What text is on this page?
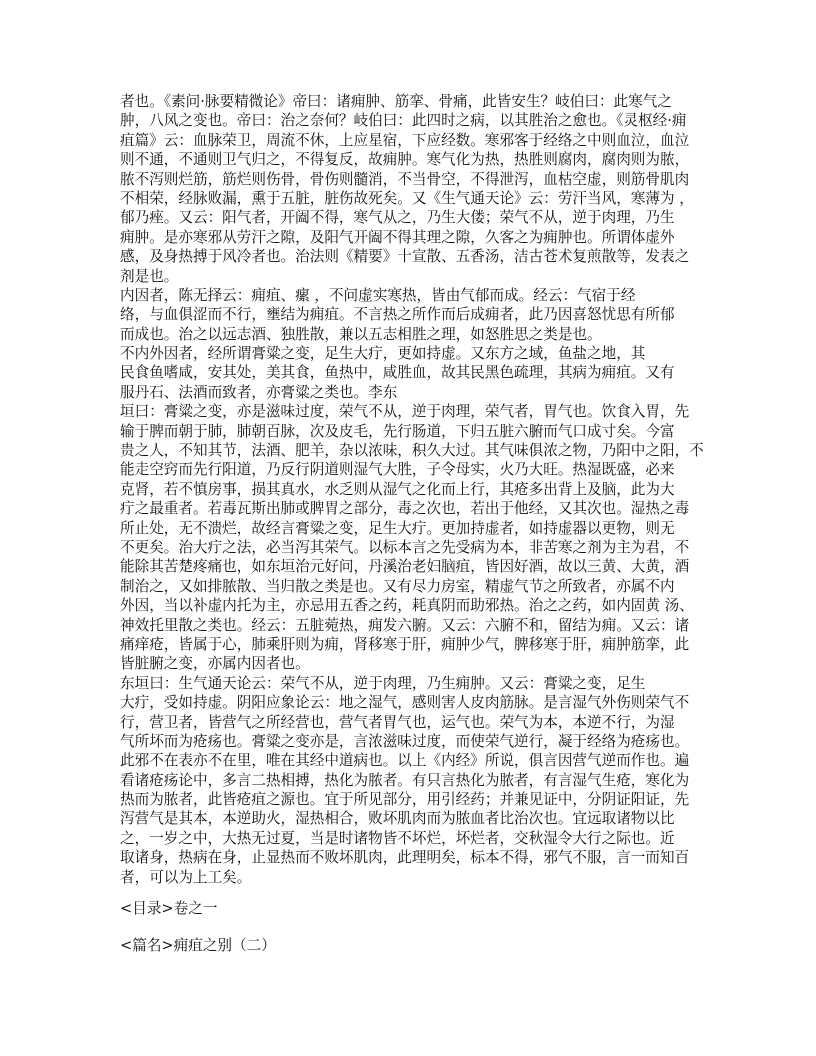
者也。《素问·脉要精微论》帝曰：诸痈肿、筋挛、骨痛，此皆安生？岐伯曰：此寒气之
肿，八风之变也。帝曰：治之奈何？岐伯曰：此四时之病，以其胜治之愈也。《灵枢经·痈
疽篇》云：血脉荣卫，周流不休，上应星宿，下应经数。寒邪客于经络之中则血泣，血泣
则不通，不通则卫气归之，不得复反，故痈肿。寒气化为热，热胜则腐肉，腐肉则为脓，
脓不泻则烂筋，筋烂则伤骨，骨伤则髓消，不当骨空，不得泄泻，血枯空虚，则筋骨肌肉
不相荣，经脉败漏，熏于五脏，脏伤故死矣。又《生气通天论》云：劳汗当风，寒薄为 ，
郁乃痤。又云：阳气者，开阖不得，寒气从之，乃生大偻；荣气不从，逆于肉理，乃生
痈肿。是亦寒邪从劳汗之隙，及阳气开阖不得其理之隙，久客之为痈肿也。所谓体虚外
感，及身热搏于风冷者也。治法则《精要》十宣散、五香汤，洁古苍术复煎散等，发表之
剂是也。
内因者，陈无择云：痈疽、瘰 ，不问虚实寒热，皆由气郁而成。经云：气宿于经
络，与血俱涩而不行，壅结为痈疽。不言热之所作而后成痈者，此乃因喜怒忧思有所郁
而成也。治之以远志酒、独胜散，兼以五志相胜之理，如怒胜思之类是也。
不内外因者，经所谓膏粱之变，足生大疔，更如持虚。又东方之域，鱼盐之地，其
民食鱼嗜咸，安其处，美其食，鱼热中，咸胜血，故其民黑色疏理，其病为痈疽。又有
服丹石、法酒而致者，亦膏粱之类也。李东
垣曰：膏粱之变，亦是滋味过度，荣气不从，逆于肉理，荣气者，胃气也。饮食入胃，先
输于脾而朝于肺，肺朝百脉，次及皮毛，先行肠道，下归五脏六腑而气口成寸矣。今富
贵之人，不知其节，法酒、肥羊，杂以浓味，积久大过。其气味俱浓之物，乃阳中之阳，不
能走空窍而先行阳道，乃反行阴道则湿气大胜，子令母实，火乃大旺。热湿既盛，必来
克肾，若不慎房事，损其真水，水乏则从湿气之化而上行，其疮多出背上及脑，此为大
疔之最重者。若毒瓦斯出肺或脾胃之部分，毒之次也，若出于他经，又其次也。湿热之毒
所止处，无不溃烂，故经言膏粱之变，足生大疔。更加持虚者，如持虚器以更物，则无
不更矣。治大疔之法，必当泻其荣气。以标本言之先受病为本，非苦寒之剂为主为君，不
能除其苦楚疼痛也，如东垣治元好问，丹溪治老妇脑疽，皆因好酒，故以三黄、大黄，酒
制治之，又如排脓散、当归散之类是也。又有尽力房室，精虚气节之所致者，亦属不内
外因，当以补虚内托为主，亦忌用五香之药，耗真阴而助邪热。治之之药，如内固黄 汤、
神效托里散之类也。经云：五脏菀热，痈发六腑。又云：六腑不和，留结为痈。又云：诸
痛痒疮，皆属于心，肺乘肝则为痈，肾移寒于肝，痈肿少气，脾移寒于肝，痈肿筋挛，此
皆脏腑之变，亦属内因者也。
东垣曰：生气通天论云：荣气不从，逆于肉理，乃生痈肿。又云：膏粱之变，足生
大疔，受如持虚。阴阳应象论云：地之湿气，感则害人皮肉筋脉。是言湿气外伤则荣气不
行，营卫者，皆营气之所经营也，营气者胃气也，运气也。荣气为本，本逆不行，为湿
气所坏而为疮疡也。膏粱之变亦是，言浓滋味过度，而使荣气逆行，凝于经络为疮疡也。
此邪不在表亦不在里，唯在其经中道病也。以上《内经》所说，俱言因营气逆而作也。遍
看诸疮疡论中，多言二热相搏，热化为脓者。有只言热化为脓者，有言湿气生疮，寒化为
热而为脓者，此皆疮疽之源也。宜于所见部分，用引经药；并兼见证中，分阴证阳证，先
泻营气是其本，本逆助火，湿热相合，败坏肌肉而为脓血者比治次也。宜远取诸物以比
之，一岁之中，大热无过夏，当是时诸物皆不坏烂，坏烂者，交秋湿令大行之际也。近
取诸身，热病在身，止显热而不败坏肌肉，此理明矣，标本不得，邪气不服，言一而知百
者，可以为上工矣。
<目录>卷之一
<篇名>痈疽之别（二）
